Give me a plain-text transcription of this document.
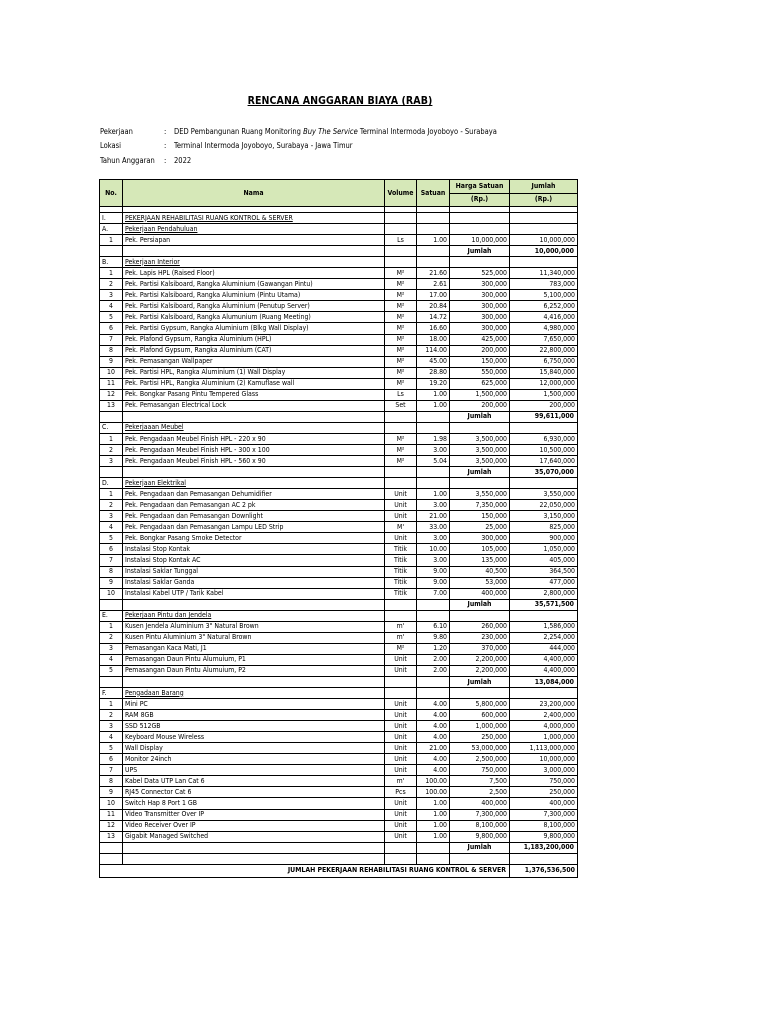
RENCANA ANGGARAN BIAYA (RAB)
Pekerjaan	:	DED Pembangunan Ruang Monitoring Buy The Service Terminal Intermoda Joyoboyo - Surabaya
Lokasi	:	Terminal Intermoda Joyoboyo, Surabaya - Jawa Timur
Tahun Anggaran	:	2022
No.	Nama	Volume	Satuan	Harga Satuan	Jumlah
				(Rp.)	(Rp.)

I.	PEKERJAAN REHABILITASI RUANG KONTROL & SERVER				
A.	Pekerjaan Pendahuluan				
1	Pek. Persiapan	Ls	1.00	10,000,000	10,000,000
				Jumlah	10,000,000
B.	Pekerjaan Interior				
1	Pek. Lapis HPL (Raised Floor)	M²	21.60	525,000	11,340,000
2	Pek. Partisi Kalsiboard, Rangka Aluminium (Gawangan Pintu)	M²	2.61	300,000	783,000
3	Pek. Partisi Kalsiboard, Rangka Aluminium (Pintu Utama)	M²	17.00	300,000	5,100,000
4	Pek. Partisi Kalsiboard, Rangka Aluminium (Penutup Server)	M²	20.84	300,000	6,252,000
5	Pek. Partisi Kalsiboard, Rangka Alumunium (Ruang Meeting)	M²	14.72	300,000	4,416,000
6	Pek. Partisi Gypsum, Rangka Aluminium (Blkg Wall Display)	M²	16.60	300,000	4,980,000
7	Pek. Plafond Gypsum, Rangka Aluminium (HPL)	M²	18.00	425,000	7,650,000
8	Pek. Plafond Gypsum, Rangka Aluminium (CAT)	M²	114.00	200,000	22,800,000
9	Pek. Pemasangan Wallpaper	M²	45.00	150,000	6,750,000
10	Pek. Partisi HPL, Rangka Aluminium (1) Wall Display	M²	28.80	550,000	15,840,000
11	Pek. Partisi HPL, Rangka Aluminium (2) Kamuflase wall	M²	19.20	625,000	12,000,000
12	Pek. Bongkar Pasang Pintu Tempered Glass	Ls	1.00	1,500,000	1,500,000
13	Pek. Pemasangan Electrical Lock	Set	1.00	200,000	200,000
				Jumlah	99,611,000
C.	Pekerjaaan Meubel				
1	Pek. Pengadaan Meubel Finish HPL - 220 x 90	M²	1.98	3,500,000	6,930,000
2	Pek. Pengadaan Meubel Finish HPL - 300 x 100	M²	3.00	3,500,000	10,500,000
3	Pek. Pengadaan Meubel Finish HPL - 560 x 90	M²	5.04	3,500,000	17,640,000
				Jumlah	35,070,000
D.	Pekerjaan Elektrikal				
1	Pek. Pengadaan dan Pemasangan Dehumidifier	Unit	1.00	3,550,000	3,550,000
2	Pek. Pengadaan dan Pemasangan AC 2 pk	Unit	3.00	7,350,000	22,050,000
3	Pek. Pengadaan dan Pemasangan Downlight	Unit	21.00	150,000	3,150,000
4	Pek. Pengadaan dan Pemasangan Lampu LED Strip	M'	33.00	25,000	825,000
5	Pek. Bongkar Pasang Smoke Detector	Unit	3.00	300,000	900,000
6	Instalasi Stop Kontak	Titik	10.00	105,000	1,050,000
7	Instalasi Stop Kontak AC	Titik	3.00	135,000	405,000
8	Instalasi Saklar Tunggal	Titik	9.00	40,500	364,500
9	Instalasi Saklar Ganda	Titik	9.00	53,000	477,000
10	Instalasi Kabel UTP / Tarik Kabel	Titik	7.00	400,000	2,800,000
				Jumlah	35,571,500
E.	Pekerjaan Pintu dan Jendela				
1	Kusen Jendela Aluminium 3" Natural Brown	m'	6.10	260,000	1,586,000
2	Kusen Pintu Aluminium 3" Natural Brown	m'	9.80	230,000	2,254,000
3	Pemasangan Kaca Mati, J1	M²	1.20	370,000	444,000
4	Pemasangan Daun Pintu Alumuium, P1	Unit	2.00	2,200,000	4,400,000
5	Pemasangan Daun Pintu Alumuium, P2	Unit	2.00	2,200,000	4,400,000
				Jumlah	13,084,000
F.	Pengadaan Barang				
1	Mini PC	Unit	4.00	5,800,000	23,200,000
2	RAM 8GB	Unit	4.00	600,000	2,400,000
3	SSD 512GB	Unit	4.00	1,000,000	4,000,000
4	Keyboard Mouse Wireless	Unit	4.00	250,000	1,000,000
5	Wall Display	Unit	21.00	53,000,000	1,113,000,000
6	Monitor 24inch	Unit	4.00	2,500,000	10,000,000
7	UPS	Unit	4.00	750,000	3,000,000
8	Kabel Data UTP Lan Cat 6	m'	100.00	7,500	750,000
9	RJ45 Connector Cat 6	Pcs	100.00	2,500	250,000
10	Switch Hap 8 Port 1 GB	Unit	1.00	400,000	400,000
11	Video Transmitter Over IP	Unit	1.00	7,300,000	7,300,000
12	Video Receiver Over IP	Unit	1.00	8,100,000	8,100,000
13	Gigabit Managed Switched	Unit	1.00	9,800,000	9,800,000
				Jumlah	1,183,200,000

JUMLAH PEKERJAAN REHABILITASI RUANG KONTROL & SERVER					1,376,536,500
